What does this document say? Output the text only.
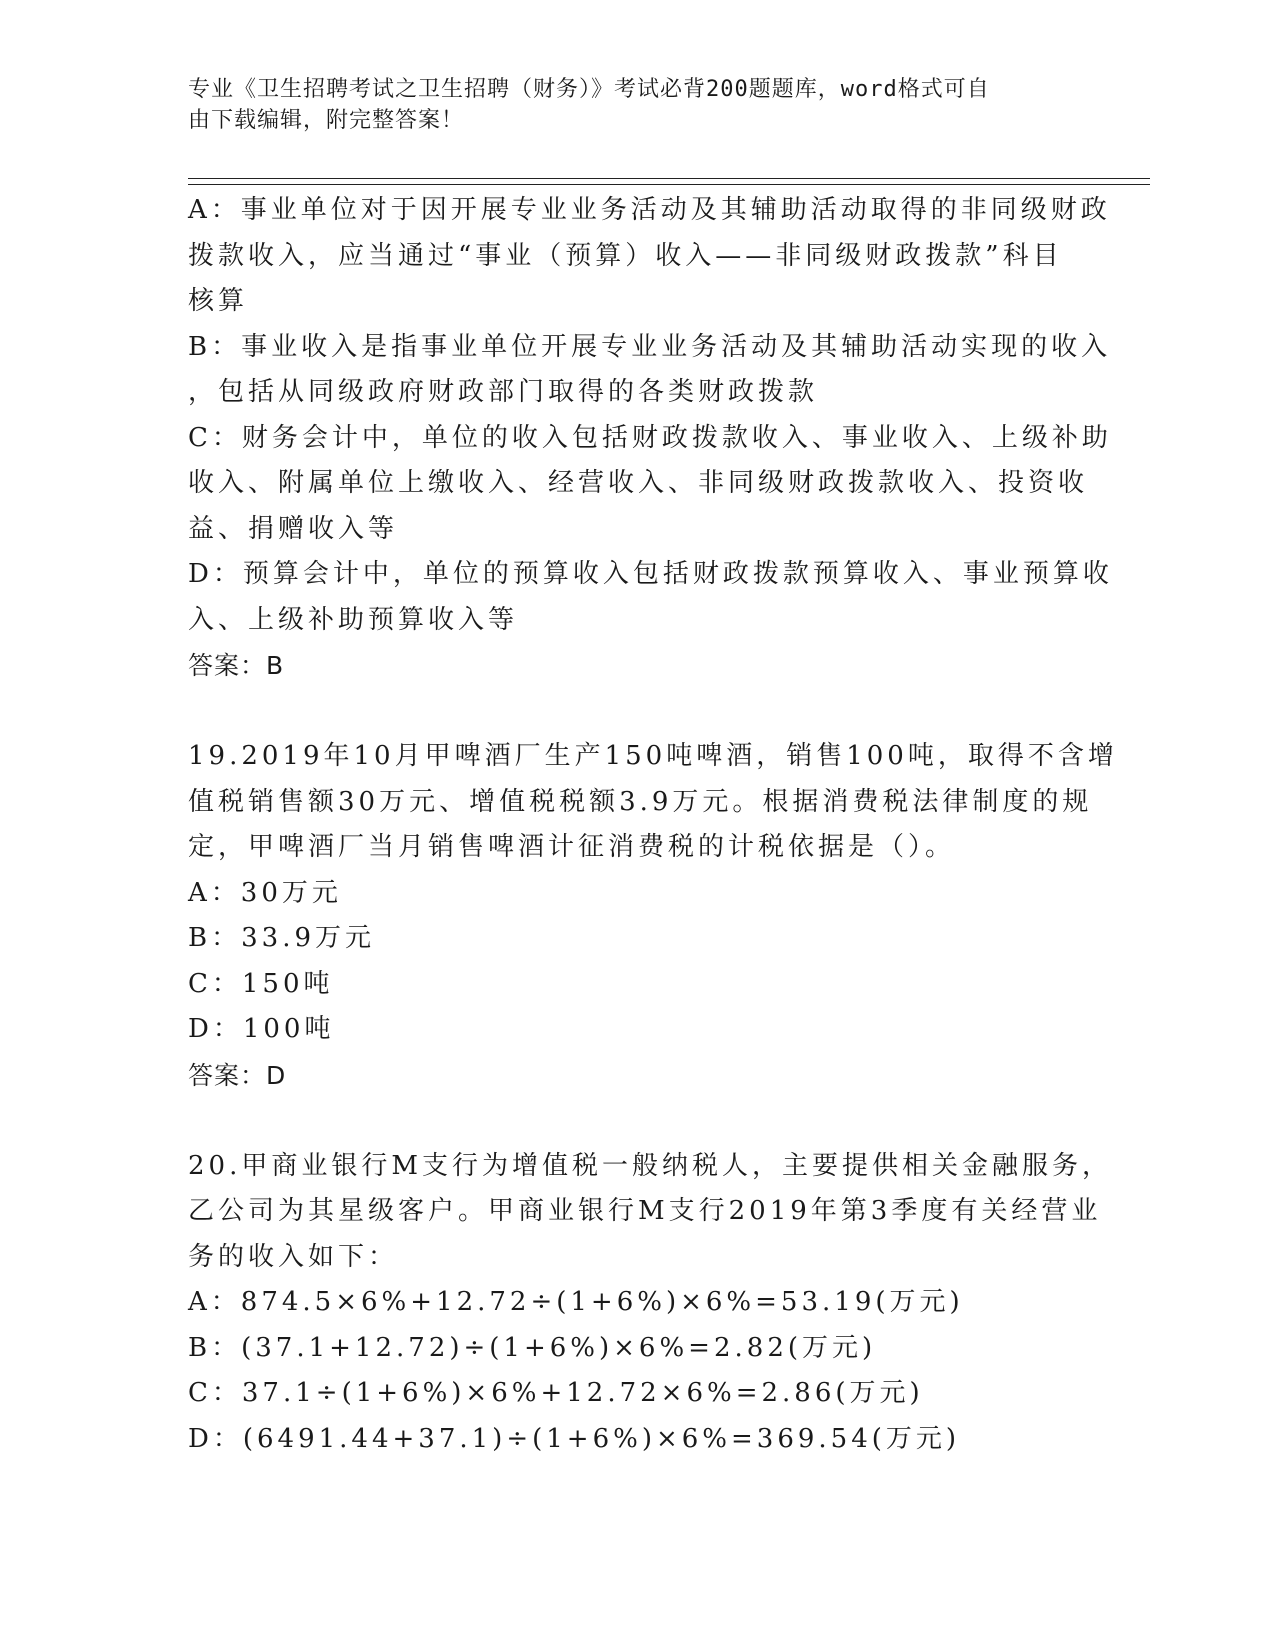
专业《卫生招聘考试之卫生招聘（财务）》考试必背200题题库，word格式可自
由下载编辑，附完整答案！
A：事业单位对于因开展专业业务活动及其辅助活动取得的非同级财政
拨款收入，应当通过“事业（预算）收入——非同级财政拨款”科目
核算
B：事业收入是指事业单位开展专业业务活动及其辅助活动实现的收入
，包括从同级政府财政部门取得的各类财政拨款
C：财务会计中，单位的收入包括财政拨款收入、事业收入、上级补助
收入、附属单位上缴收入、经营收入、非同级财政拨款收入、投资收
益、捐赠收入等
D：预算会计中，单位的预算收入包括财政拨款预算收入、事业预算收
入、上级补助预算收入等
答案：B
19.2019年10月甲啤酒厂生产150吨啤酒，销售100吨，取得不含增
值税销售额30万元、增值税税额3.9万元。根据消费税法律制度的规
定，甲啤酒厂当月销售啤酒计征消费税的计税依据是（）。
A：30万元
B：33.9万元
C：150吨
D：100吨
答案：D
20.甲商业银行M支行为增值税一般纳税人，主要提供相关金融服务，
乙公司为其星级客户。甲商业银行M支行2019年第3季度有关经营业
务的收入如下：
A：874.5×6%+12.72÷(1+6%)×6%=53.19(万元)
B：(37.1+12.72)÷(1+6%)×6%=2.82(万元)
C：37.1÷(1+6%)×6%+12.72×6%=2.86(万元)
D：(6491.44+37.1)÷(1+6%)×6%=369.54(万元)
